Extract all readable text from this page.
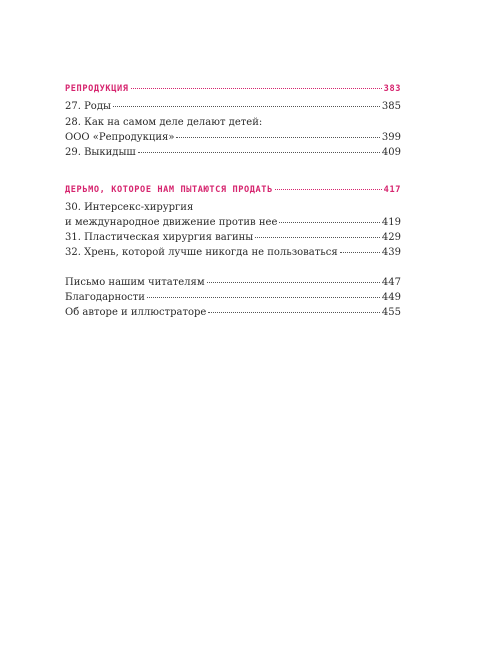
РЕПРОДУКЦИЯ	383
27. Роды	385
28. Как на самом деле делают детей:
ООО «Репродукция»	399
29. Выкидыш	409
ДЕРЬМО, КОТОРОЕ НАМ ПЫТАЮТСЯ ПРОДАТЬ	417
30. Интерсекс-хирургия
и международное движение против нее	419
31. Пластическая хирургия вагины	429
32. Хрень, которой лучше никогда не пользоваться	439
Письмо нашим читателям	447
Благодарности	449
Об авторе и иллюстраторе	455
